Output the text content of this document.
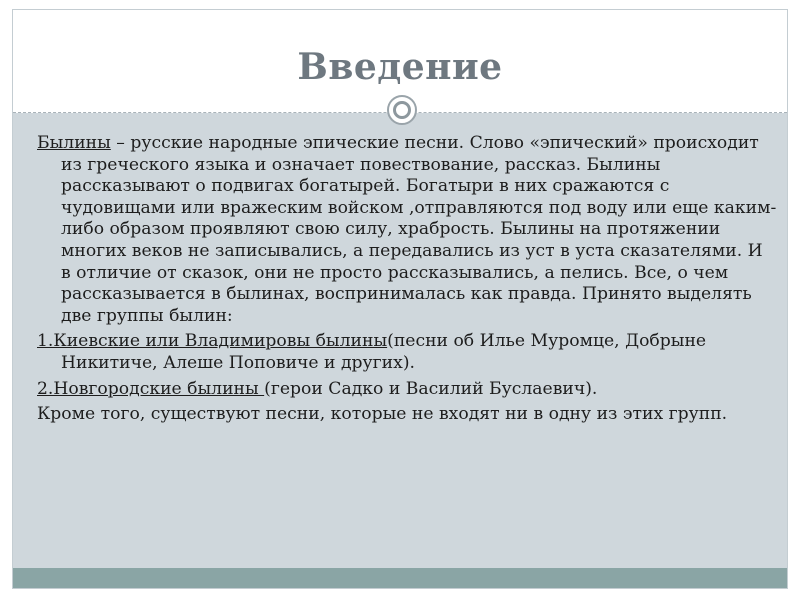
Введение

Былины – русские народные эпические песни. Слово «эпический» происходит из греческого языка и означает повествование, рассказ. Былины рассказывают о подвигах богатырей. Богатыри в них сражаются с чудовищами или вражеским войском ,отправляются под воду или еще каким-либо образом проявляют свою силу, храбрость. Былины на протяжении многих веков не записывались, а передавались из уст в уста сказателями. И в отличие от сказок, они не просто рассказывались, а пелись. Все, о чем рассказывается в былинах, воспринималась как правда. Принято выделять две группы былин:

1.Киевские или Владимировы былины(песни об Илье Муромце, Добрыне Никитиче, Алеше Поповиче и других).

2.Новгородские былины (герои Садко и Василий Буслаевич).

Кроме того, существуют песни, которые не входят ни в одну из этих групп.
